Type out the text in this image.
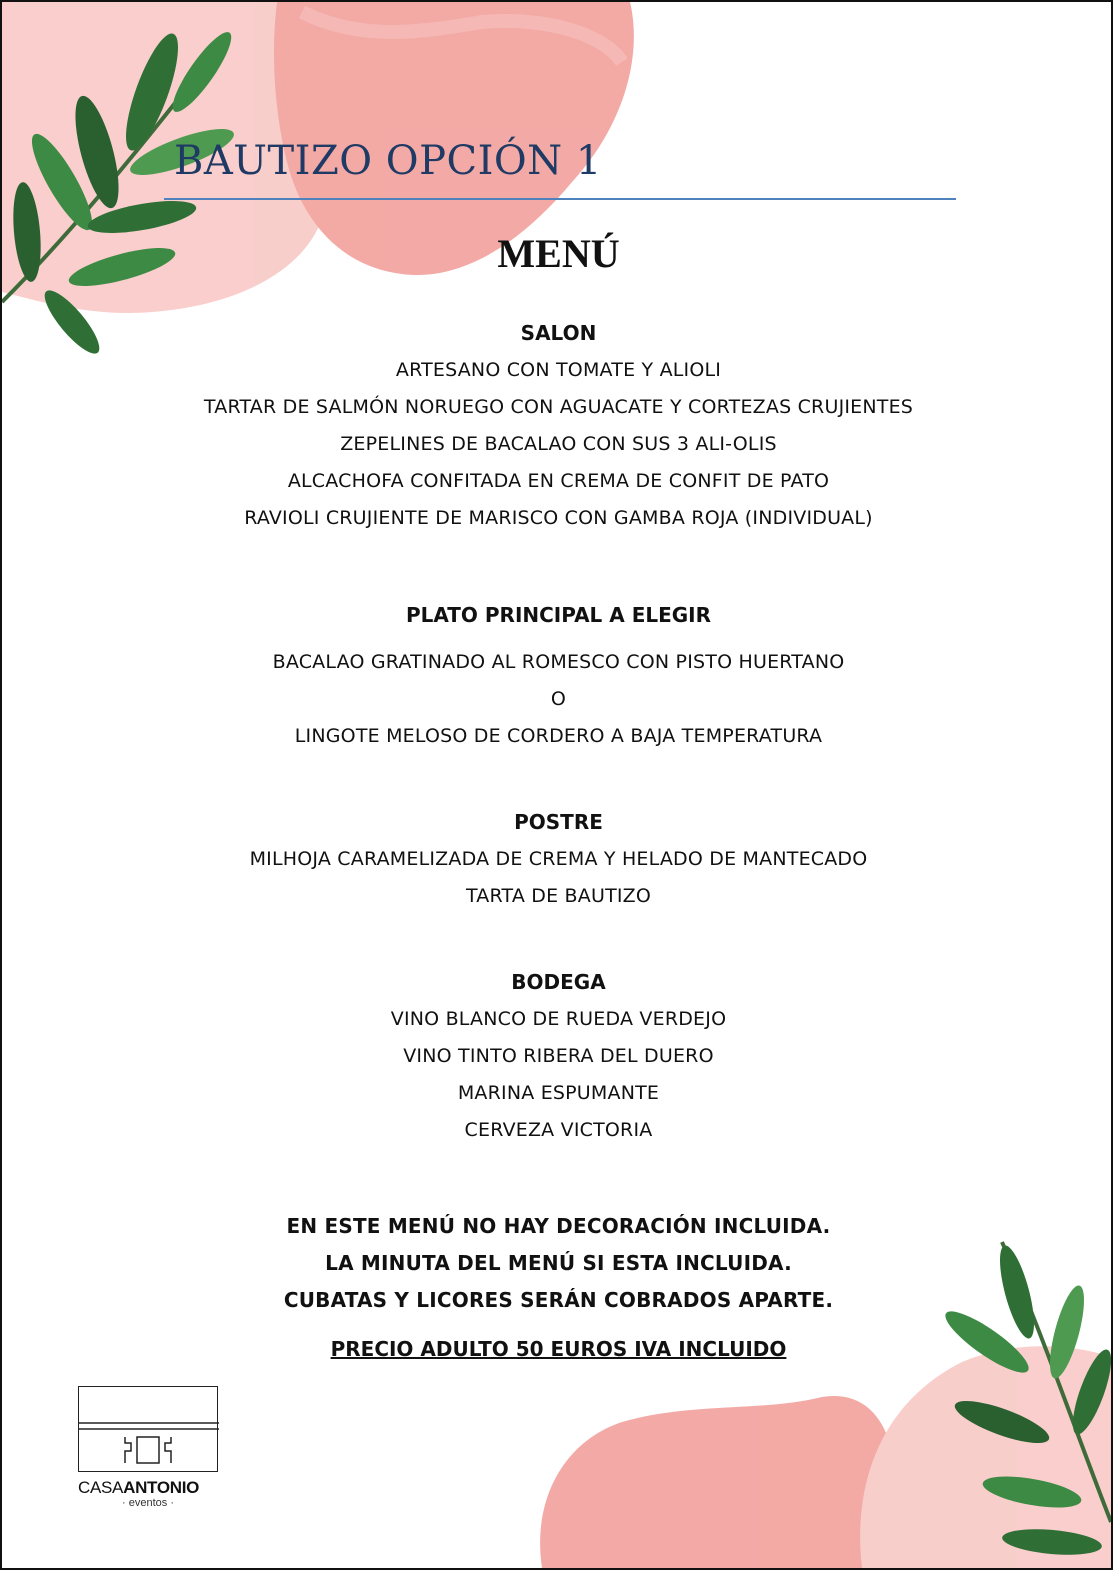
BAUTIZO OPCIÓN 1
MENÚ

SALON

ARTESANO CON TOMATE Y ALIOLI

TARTAR DE SALMÓN NORUEGO CON AGUACATE Y CORTEZAS CRUJIENTES

ZEPELINES DE BACALAO CON SUS 3 ALI-OLIS

ALCACHOFA CONFITADA EN CREMA DE CONFIT DE PATO

RAVIOLI CRUJIENTE DE MARISCO CON GAMBA ROJA (INDIVIDUAL)

PLATO PRINCIPAL A ELEGIR

BACALAO GRATINADO AL ROMESCO CON PISTO HUERTANO

O

LINGOTE MELOSO DE CORDERO A BAJA TEMPERATURA

POSTRE

MILHOJA CARAMELIZADA DE CREMA Y HELADO DE MANTECADO

TARTA DE BAUTIZO

BODEGA

VINO BLANCO DE RUEDA VERDEJO

VINO TINTO RIBERA DEL DUERO

MARINA ESPUMANTE

CERVEZA VICTORIA

EN ESTE MENÚ NO HAY DECORACIÓN INCLUIDA.

LA MINUTA DEL MENÚ SI ESTA INCLUIDA.

CUBATAS Y LICORES SERÁN COBRADOS APARTE.

PRECIO ADULTO 50 EUROS IVA INCLUIDO
CASAANTONIO
· eventos ·
